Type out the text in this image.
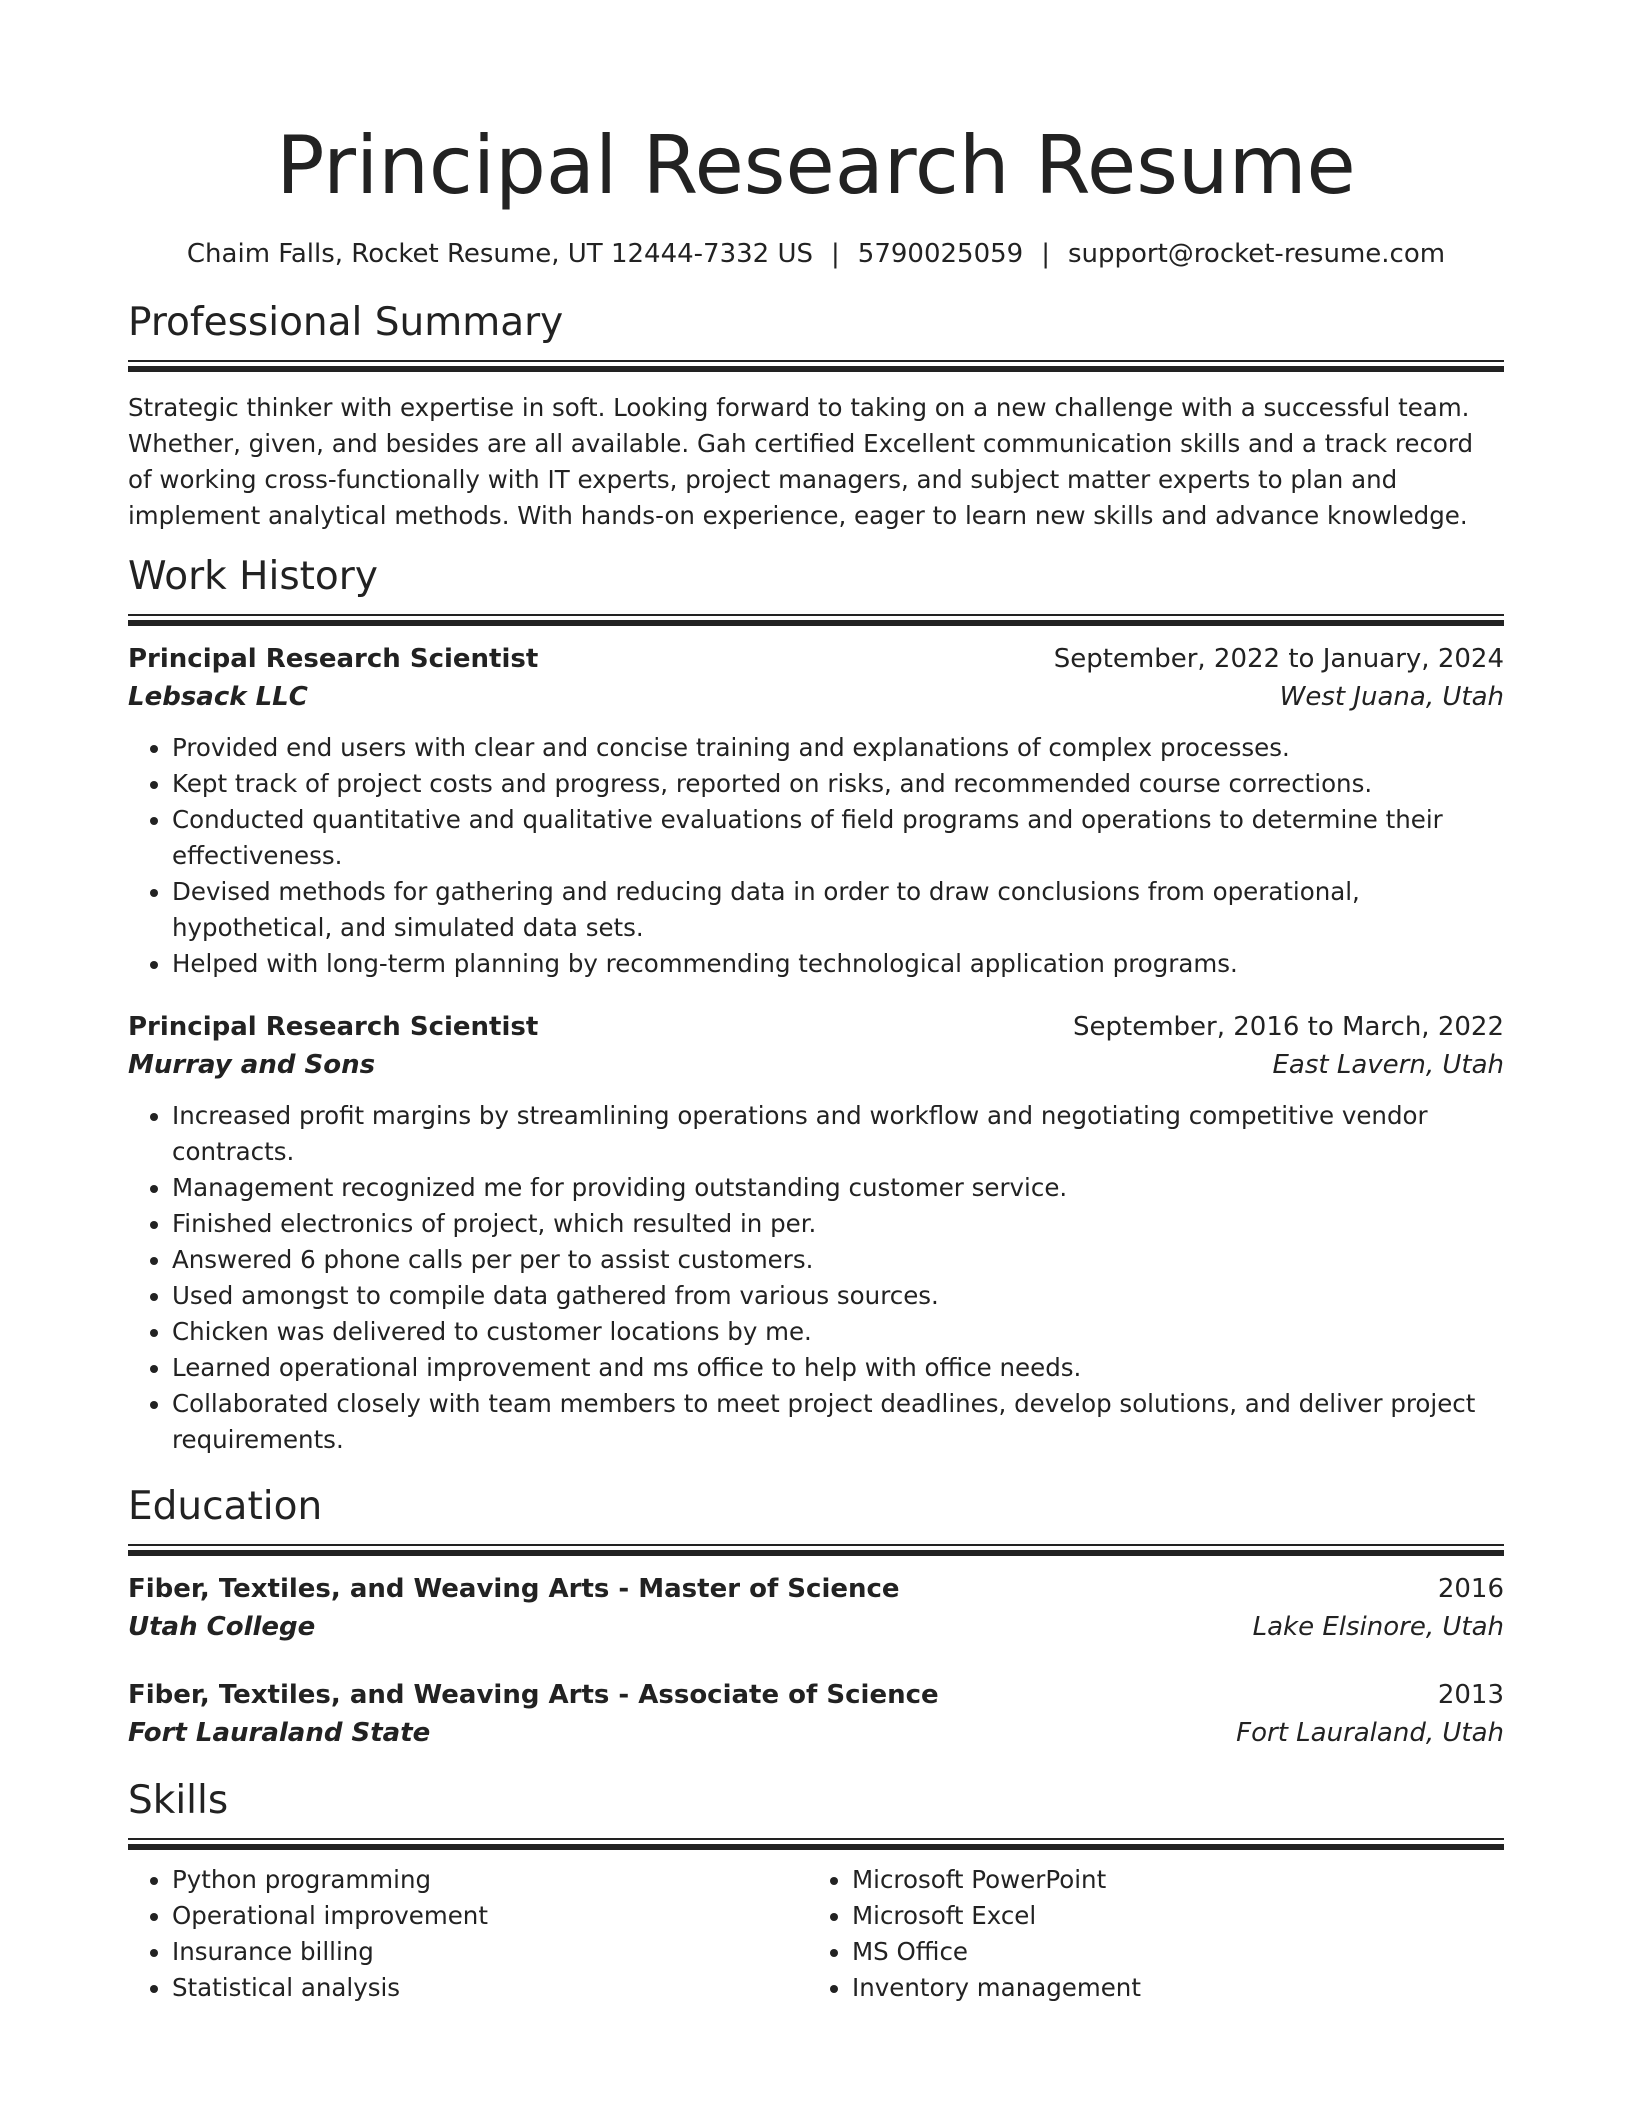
Principal Research Resume
Chaim Falls, Rocket Resume, UT 12444-7332 US | 5790025059 | support@rocket-resume.com
Professional Summary
Strategic thinker with expertise in soft. Looking forward to taking on a new challenge with a successful team. Whether, given, and besides are all available. Gah certified Excellent communication skills and a track record of working cross-functionally with IT experts, project managers, and subject matter experts to plan and implement analytical methods. With hands-on experience, eager to learn new skills and advance knowledge.
Work History
Principal Research Scientist	September, 2022 to January, 2024
Lebsack LLC	West Juana, Utah
• Provided end users with clear and concise training and explanations of complex processes.
• Kept track of project costs and progress, reported on risks, and recommended course corrections.
• Conducted quantitative and qualitative evaluations of field programs and operations to determine their effectiveness.
• Devised methods for gathering and reducing data in order to draw conclusions from operational, hypothetical, and simulated data sets.
• Helped with long-term planning by recommending technological application programs.
Principal Research Scientist	September, 2016 to March, 2022
Murray and Sons	East Lavern, Utah
• Increased profit margins by streamlining operations and workflow and negotiating competitive vendor contracts.
• Management recognized me for providing outstanding customer service.
• Finished electronics of project, which resulted in per.
• Answered 6 phone calls per per to assist customers.
• Used amongst to compile data gathered from various sources.
• Chicken was delivered to customer locations by me.
• Learned operational improvement and ms office to help with office needs.
• Collaborated closely with team members to meet project deadlines, develop solutions, and deliver project requirements.
Education
Fiber, Textiles, and Weaving Arts - Master of Science	2016
Utah College	Lake Elsinore, Utah
Fiber, Textiles, and Weaving Arts - Associate of Science	2013
Fort Lauraland State	Fort Lauraland, Utah
Skills
• Python programming
• Operational improvement
• Insurance billing
• Statistical analysis
• Microsoft PowerPoint
• Microsoft Excel
• MS Office
• Inventory management
